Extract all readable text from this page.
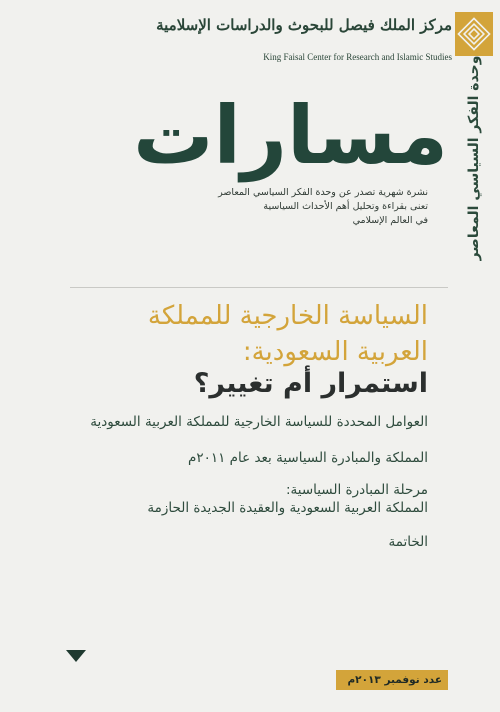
مركز الملك فيصل للبحوث والدراسات الإسلامية
King Faisal Center for Research and Islamic Studies وحدة الفكر السياسي المعاصر
مسارات
نشرة شهرية تصدر عن وحدة الفكر السياسي المعاصر
تعنى بقراءة وتحليل أهم الأحداث السياسية
في العالم الإسلامي
السياسة الخارجية للمملكة
العربية السعودية:
استمرار أم تغيير؟
العوامل المحددة للسياسة الخارجية للمملكة العربية السعودية
المملكة والمبادرة السياسية بعد عام ٢٠١١م
مرحلة المبادرة السياسية:
المملكة العربية السعودية والعقيدة الجديدة الحازمة
الخاتمة
عدد نوفمبر ٢٠١٣م
